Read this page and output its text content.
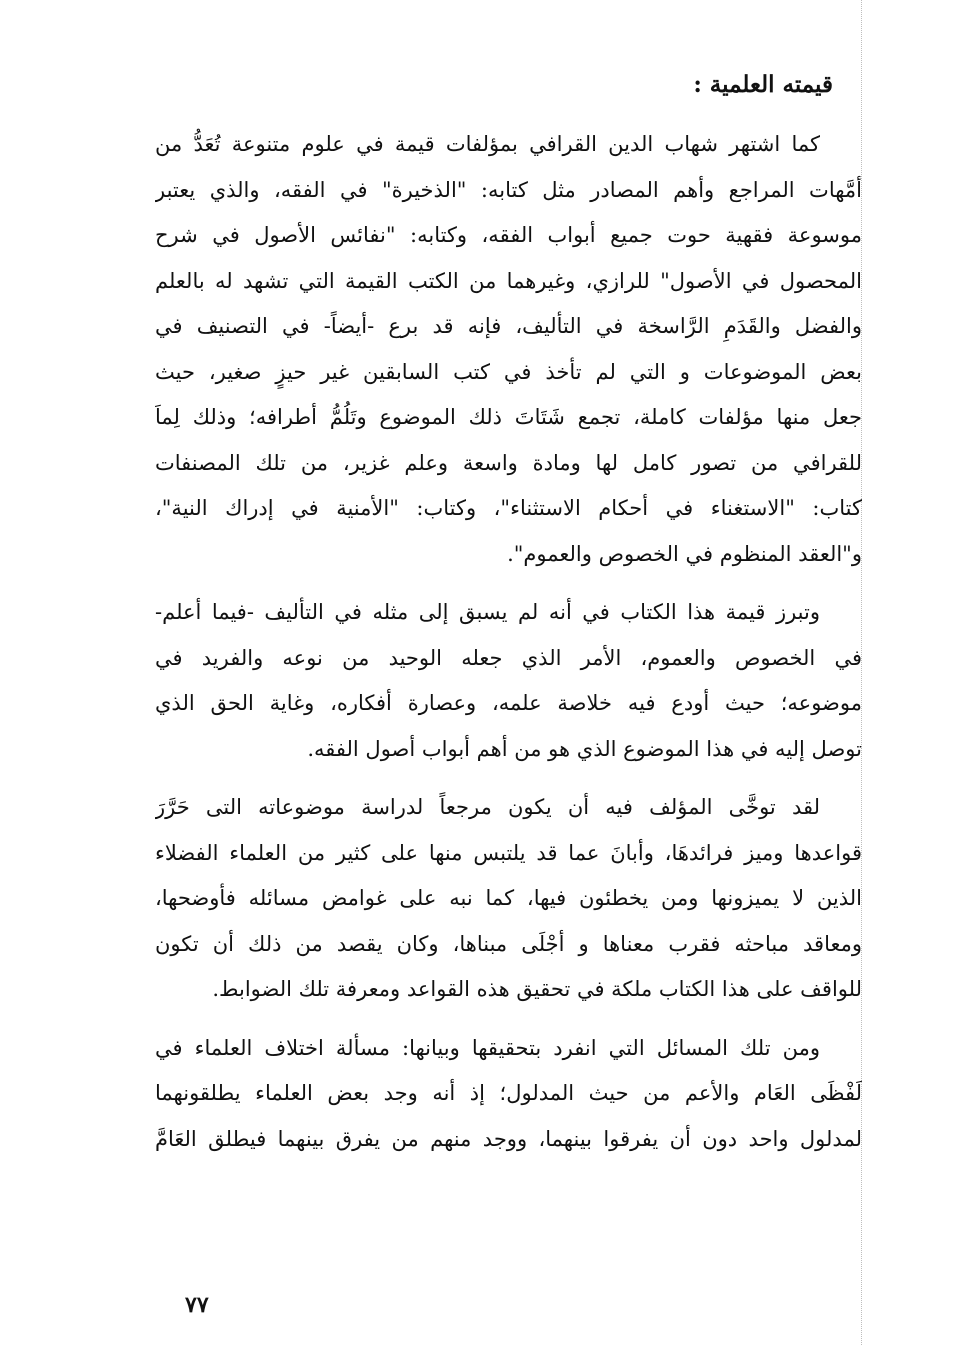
قيمته العلمية :
كما اشتهر شهاب الدين القرافي بمؤلفات قيمة في علوم متنوعة تُعَدُّ من
أمَّهات المراجع وأهم المصادر مثل كتابه: "الذخيرة" في الفقه، والذي يعتبر
موسوعة فقهية حوت جميع أبواب الفقه، وكتابه: "نفائس الأصول في شرح
المحصول في الأصول" للرازي، وغيرهما من الكتب القيمة التي تشهد له بالعلم
والفضل والقَدَمِ الرَّاسخة في التأليف، فإنه قد برع -أيضاً- في التصنيف في
بعض الموضوعات و التي لم تأخذ في كتب السابقين غير حيزٍ صغير، حيث
جعل منها مؤلفات كاملة، تجمع شَتَاتَ ذلك الموضوع وتَلُمُّ أطرافه؛ وذلك لِماَ
للقرافي من تصور كامل لها ومادة واسعة وعلم غزير، من تلك المصنفات
كتاب: "الاستغناء في أحكام الاستثناء"، وكتاب: "الأمنية في إدراك النية"،
و"العقد المنظوم في الخصوص والعموم".
وتبرز قيمة هذا الكتاب في أنه لم يسبق إلى مثله في التأليف -فيما أعلم-
في الخصوص والعموم، الأمر الذي جعله الوحيد من نوعه والفريد في
موضوعه؛ حيث أودع فيه خلاصة علمه، وعصارة أفكاره، وغاية الحق الذي
توصل إليه في هذا الموضوع الذي هو من أهم أبواب أصول الفقه.
لقد توخَّى المؤلف فيه أن يكون مرجعاً لدراسة موضوعاته التى حَرَّرَ
قواعدها وميز فرائدهَا، وأبانَ عما قد يلتبس منها على كثير من العلماء الفضلاء
الذين لا يميزونها ومن يخطئون فيها، كما نبه على غوامض مسائله فأوضحها،
ومعاقد مباحثه فقرب معناها و أجْلَى مبناها، وكان يقصد من ذلك أن تكون
للواقف على هذا الكتاب ملكة في تحقيق هذه القواعد ومعرفة تلك الضوابط.
ومن تلك المسائل التي انفرد بتحقيقها وبيانها: مسألة اختلاف العلماء في
لَفْظَى العَام والأعم من حيث المدلول؛ إذ أنه وجد بعض العلماء يطلقونهما
لمدلول واحد دون أن يفرقوا بينهما، ووجد منهم من يفرق بينهما فيطلق العَامَّ
٧٧
